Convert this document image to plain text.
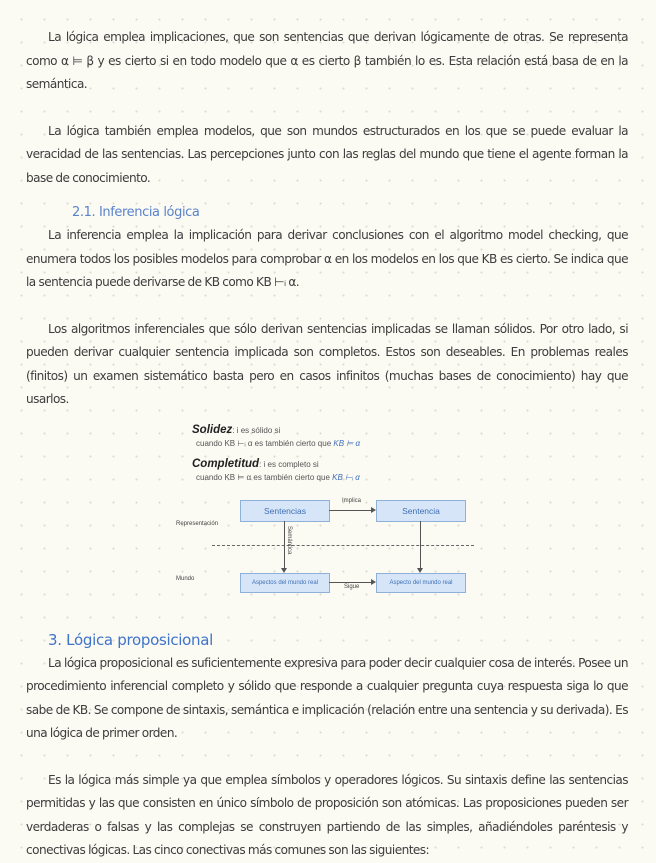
La lógica emplea implicaciones, que son sentencias que derivan lógicamente de otras. Se representa como α ⊨ β y es cierto si en todo modelo que α es cierto β también lo es. Esta relación está basa de en la semántica.

La lógica también emplea modelos, que son mundos estructurados en los que se puede evaluar la veracidad de las sentencias. Las percepciones junto con las reglas del mundo que tiene el agente forman la base de conocimiento.

2.1. Inferencia lógica

La inferencia emplea la implicación para derivar conclusiones con el algoritmo model checking, que enumera todos los posibles modelos para comprobar α en los modelos en los que KB es cierto. Se indica que la sentencia puede derivarse de KB como KB ⊢ᵢ α.

Los algoritmos inferenciales que sólo derivan sentencias implicadas se llaman sólidos. Por otro lado, si pueden derivar cualquier sentencia implicada son completos. Estos son deseables. En problemas reales (finitos) un examen sistemático basta pero en casos infinitos (muchas bases de conocimiento) hay que usarlos.

Solidez: i es sólido si
cuando KB ⊢ᵢ α es también cierto que KB ⊨ α
Completitud: i es completo si
cuando KB ⊨ α es también cierto que KB ⊢ᵢ α
Sentencias	Sentencia
Implica
Representación
Semántica
Mundo
Aspectos del mundo real	Aspecto del mundo real
Sigue
3. Lógica proposicional

La lógica proposicional es suficientemente expresiva para poder decir cualquier cosa de interés. Posee un procedimiento inferencial completo y sólido que responde a cualquier pregunta cuya respuesta siga lo que sabe de KB. Se compone de sintaxis, semántica e implicación (relación entre una sentencia y su derivada). Es una lógica de primer orden.

Es la lógica más simple ya que emplea símbolos y operadores lógicos. Su sintaxis define las sentencias permitidas y las que consisten en único símbolo de proposición son atómicas. Las proposiciones pueden ser verdaderas o falsas y las complejas se construyen partiendo de las simples, añadiéndoles paréntesis y conectivas lógicas. Las cinco conectivas más comunes son las siguientes:
